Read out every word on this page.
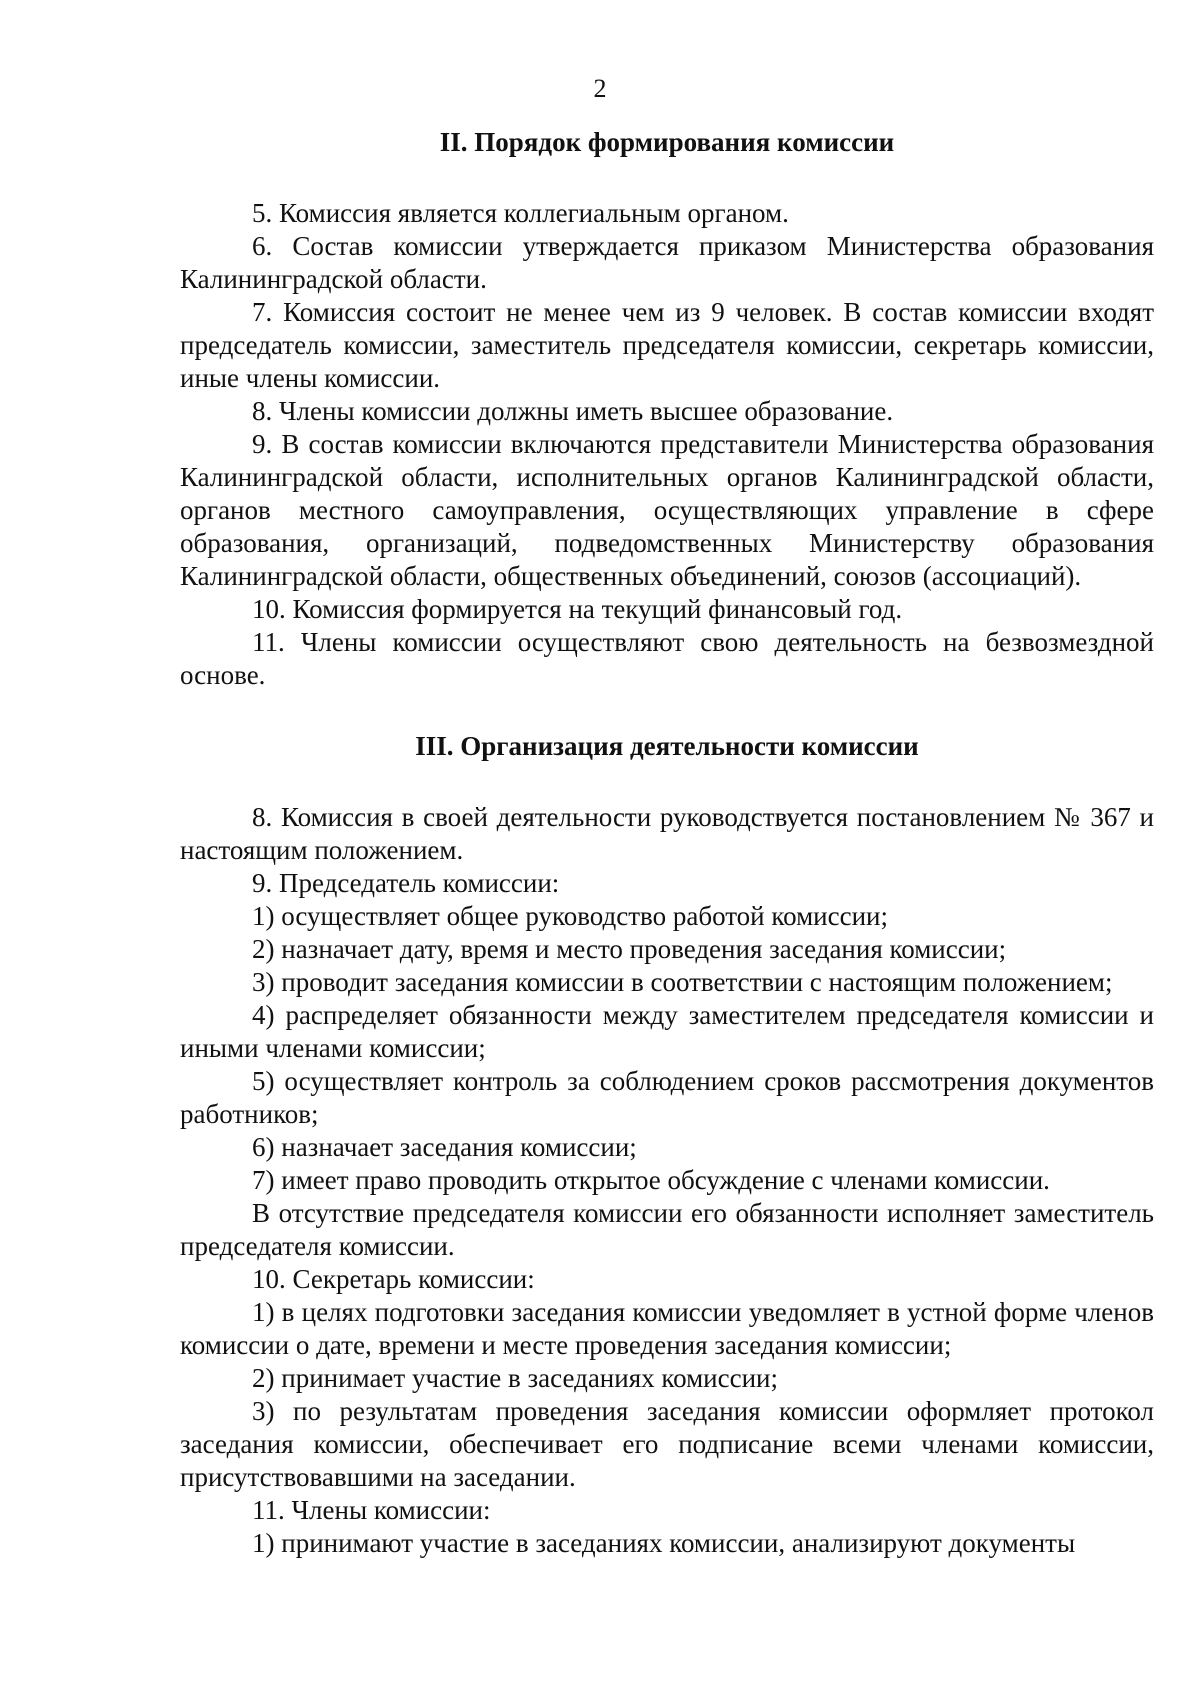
2

II. Порядок формирования комиссии

5. Комиссия является коллегиальным органом.

6. Состав комиссии утверждается приказом Министерства образования Калининградской области.

7. Комиссия состоит не менее чем из 9 человек. В состав комиссии входят председатель комиссии, заместитель председателя комиссии, секретарь комиссии, иные члены комиссии.

8. Члены комиссии должны иметь высшее образование.

9. В состав комиссии включаются представители Министерства образования Калининградской области, исполнительных органов Калининградской области, органов местного самоуправления, осуществляющих управление в сфере образования, организаций, подведомственных Министерству образования Калининградской области, общественных объединений, союзов (ассоциаций).

10. Комиссия формируется на текущий финансовый год.

11. Члены комиссии осуществляют свою деятельность на безвозмездной основе.

III. Организация деятельности комиссии

8. Комиссия в своей деятельности руководствуется постановлением № 367 и настоящим положением.

9. Председатель комиссии:

1) осуществляет общее руководство работой комиссии;

2) назначает дату, время и место проведения заседания комиссии;

3) проводит заседания комиссии в соответствии с настоящим положением;

4) распределяет обязанности между заместителем председателя комиссии и иными членами комиссии;

5) осуществляет контроль за соблюдением сроков рассмотрения документов работников;

6) назначает заседания комиссии;

7) имеет право проводить открытое обсуждение с членами комиссии.

В отсутствие председателя комиссии его обязанности исполняет заместитель председателя комиссии.

10. Секретарь комиссии:

1) в целях подготовки заседания комиссии уведомляет в устной форме членов комиссии о дате, времени и месте проведения заседания комиссии;

2) принимает участие в заседаниях комиссии;

3) по результатам проведения заседания комиссии оформляет протокол заседания комиссии, обеспечивает его подписание всеми членами комиссии, присутствовавшими на заседании.

11. Члены комиссии:

1) принимают участие в заседаниях комиссии, анализируют документы
